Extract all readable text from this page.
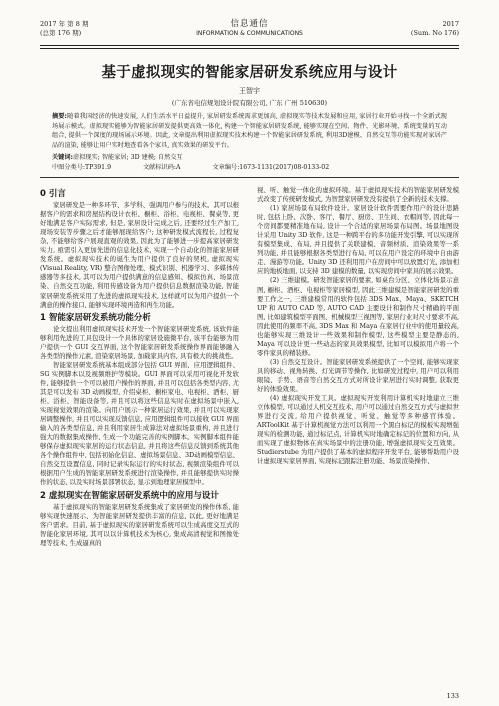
2017 年 第 8 期
(总第 176 期)
信息通信
INFORMATION & COMMUNICATIONS
2017
(Sum. No 176)
基于虚拟现实的智能家居研发系统应用与设计
王智宇
(广东省电信规划设计院有限公司, 广东 广州 510630)
摘要:随着我国经济的快速发展, 人们生活水平日益提升, 家居研发系统需求更加高, 虚拟现实等技术发展和应用, 家居行业开始寻找一个全新式现场展示模式。虚拟现实能够为智能家居研发提供更高效一体化, 构建一个智能家居研发系统, 能够实现在空间、物件、光影环境、系统变量的互动组合, 提供一个深度的现场展示环境。因此, 文章提出利用虚拟现实技术构建一个智能家居研发系统, 利用3D建模、自然交互等功能实现对家居产品的渲染, 能够让用户实时地查看各个家具, 真实效果的研发平台。
关键词:虚拟现实; 智能家居; 3D 建模; 自然交互
中图分类号:TP391.9	文献标识码:A	文章编号:1673-1131(2017)08-0133-02
0 引言

家居研发是一种多环节、多学科、强调用户参与的技术。其可以根据客户的需求和房屋结构设计衣柜、橱柜、浴柜、电视柜、餐桌等, 更好地满足客户实际需求, 但是, 家居设计完成之后, 还要经过生产加工, 现场安装等步骤之后才能够展现给客户; 这种研发模式流程长, 过程复杂, 不能够给客户展现直观的效果, 因此为了能够进一步提高家居研发实力, 亟需引入更加先进的信息化技术, 实现一个自动化的智能家居研发系统。虚拟现实技术的诞生为用户提供了良好的契机, 虚拟现实 (Visual Reality, VR) 整合图像处理、模式识别、机器学习、多媒体传感器等多技术, 其可以为用户提供满意的信息感知、模拟仿真、场景渲染、自然交互功能, 利用传感设备为用户提供信息数据渲染功能, 智能家居研发系统采用了先进的虚拟现实技术, 这样就可以为用户提供一个满意的操作接口, 能够实现环境再造和再生功能。

1 智能家居研发系统功能分析

论文提出利用虚拟现实技术开发一个智能家居研发系统, 该软件能够利用先进的工具包设计一个具体的家居设施微平台, 该平台能够为用户提供一个 GUI 交互界面, 这个智能家居研发系统操作界面能够融入各类型的操作元素, 渲染家居场景, 加载家具内容, 具有极大的挑战性。

智能家居研发系统基本组成部分包括 GUI 界面、应用逻辑组件、SG 实例脚本以及视频维护等模块。GUI 界面可以采用可视化开发软件, 能够提供一个可以被用户操作的界面, 并且可以包括各类型内容, 尤其是可以发布 3D 动画模型, 介绍桌柜、橱柜家电、电视柜、酒柜、厨柜、浴柜、智能设备等, 并且可以将这些信息实时在虚拟场景中嵌入, 实现视觉效果的渲染。向用户展示一种家居运行效果, 并且可以实现家居调整操作, 并且可以实现反馈信息, 应用逻辑组件可以接收 GUI 界面输入的各类型信息, 并且利用家居生成算法对虚拟场景重构, 并且进行强大的数据集成操作, 生成一个功能完善的实例脚本。实例脚本组件能够保存虚拟现实家居的运行状态信息, 并且将这些信息反馈到系统其他各个操作组件中, 包括初始化信息、虚拟场景信息、3D动画模型信息、自然交互设置信息, 同时记录实际运行的实时状态, 视频渲染组件可以根据用户生成的智能家居研发系统进行渲染操作, 并且能够提供实时操作的状态, 以及实时场景部署状态, 显示到地理家居模型中。

2 虚拟现实在智能家居研发系统中的应用与设计

基于虚拟现实的智能家居研发系统集成了家居研发的操作体系, 能够实现快速展示、为智能家居研发提供丰富的信息, 以此, 更好地满足客户需求。目前, 基于虚拟现实的家居研发系统可以生成高度交互式的智能化家居环境, 其可以以计算机技术为核心, 集成高清视觉和图像处理等技术, 生成逼真的

视、听、触觉一体化的虚拟环境。基于虚拟现实技术的智能家居研发模式改变了传统研发模式, 为智慧家居研发没有提供了全新的技术支撑。

(1) 家居场景布局软件设计。家居设计软件需要作用户的设计思路时, 包括上卧、次卧、客厅、餐厅、厨房、卫生间、衣帽间等, 因此每一个房间都要精准地布局, 设计一个合适的家居场景布局图。场景地图设计采用 Unity 3D 软件, 这是一种跨平台的多功能开发引擎, 可以实现所有模型集成、布局, 并且提供了关联建模、音频材质、渲染效果等一系列功能, 并且能够根据各类型进行布局, 可以在用户设定的环境中自由游走、漫游等功能。Unity 3D 还利用用户在房间中可以放置灯光, 添加相应的地板地面, 以支持 3D 建模的数量, 以实现房间中家具的展示效果。

(2) 三维建模。研发智能家居的要素, 如桌台分区、立体化场景示意图, 橱柜、酒柜、电视柜等家居模型, 因此三维建模是智能家居研发的重要工作之一, 三维建模常用的软件包括 3DS Max、Maya、SKETCH UP 和 AUTO CAD 等, AUTO CAD 主要设计和制作尺寸精确的平面图, 比如建筑模型平面图、机械模型三视图等, 家居行业对尺寸要求不高, 因此使用的频率不高, 3DS Max 和 Maya 在家居行业中的使用量较高, 也能够实现三维设计一些效果和制作模型, 这些模型主要是静态的, Maya 可以设计更一些动态的家具效果模型, 比如可以模拟用户将一个零件家具的精装修。

(3) 自然交互设计。智能家居研发系统提供了一个空间, 能够实现家具的移动、视角转换、灯光调节等操作, 比如研发过程中, 用户可以利用眼镜、手势、语音等自然交互方式对所设计家居进行实时调整, 获取更好的体验效果。

(4) 虚拟现实开发工具。虚拟现实开发利用计算机实时地建立三维立体模型, 可以通过人机交互技术, 用户可以通过自然交互方式与虚拟世界进行交流, 给用户提供视觉、听觉、触觉等多种感官体验。ARToolKit 基于计算机视觉方法可以利用一个黑白标记的模板实现增强现实的检测功能, 通过标记点, 计算机实时地确定标记的位置和方向, 从而实现了虚拟物体在真实场景中的注册功能, 增强虚拟现实交互效果。Studierstube 为用户提供了基本的虚拟程序开发平台, 能够帮助用户设计虚拟现实家居界面, 实现标记跟踪注册功能、场景渲染操作、

133
